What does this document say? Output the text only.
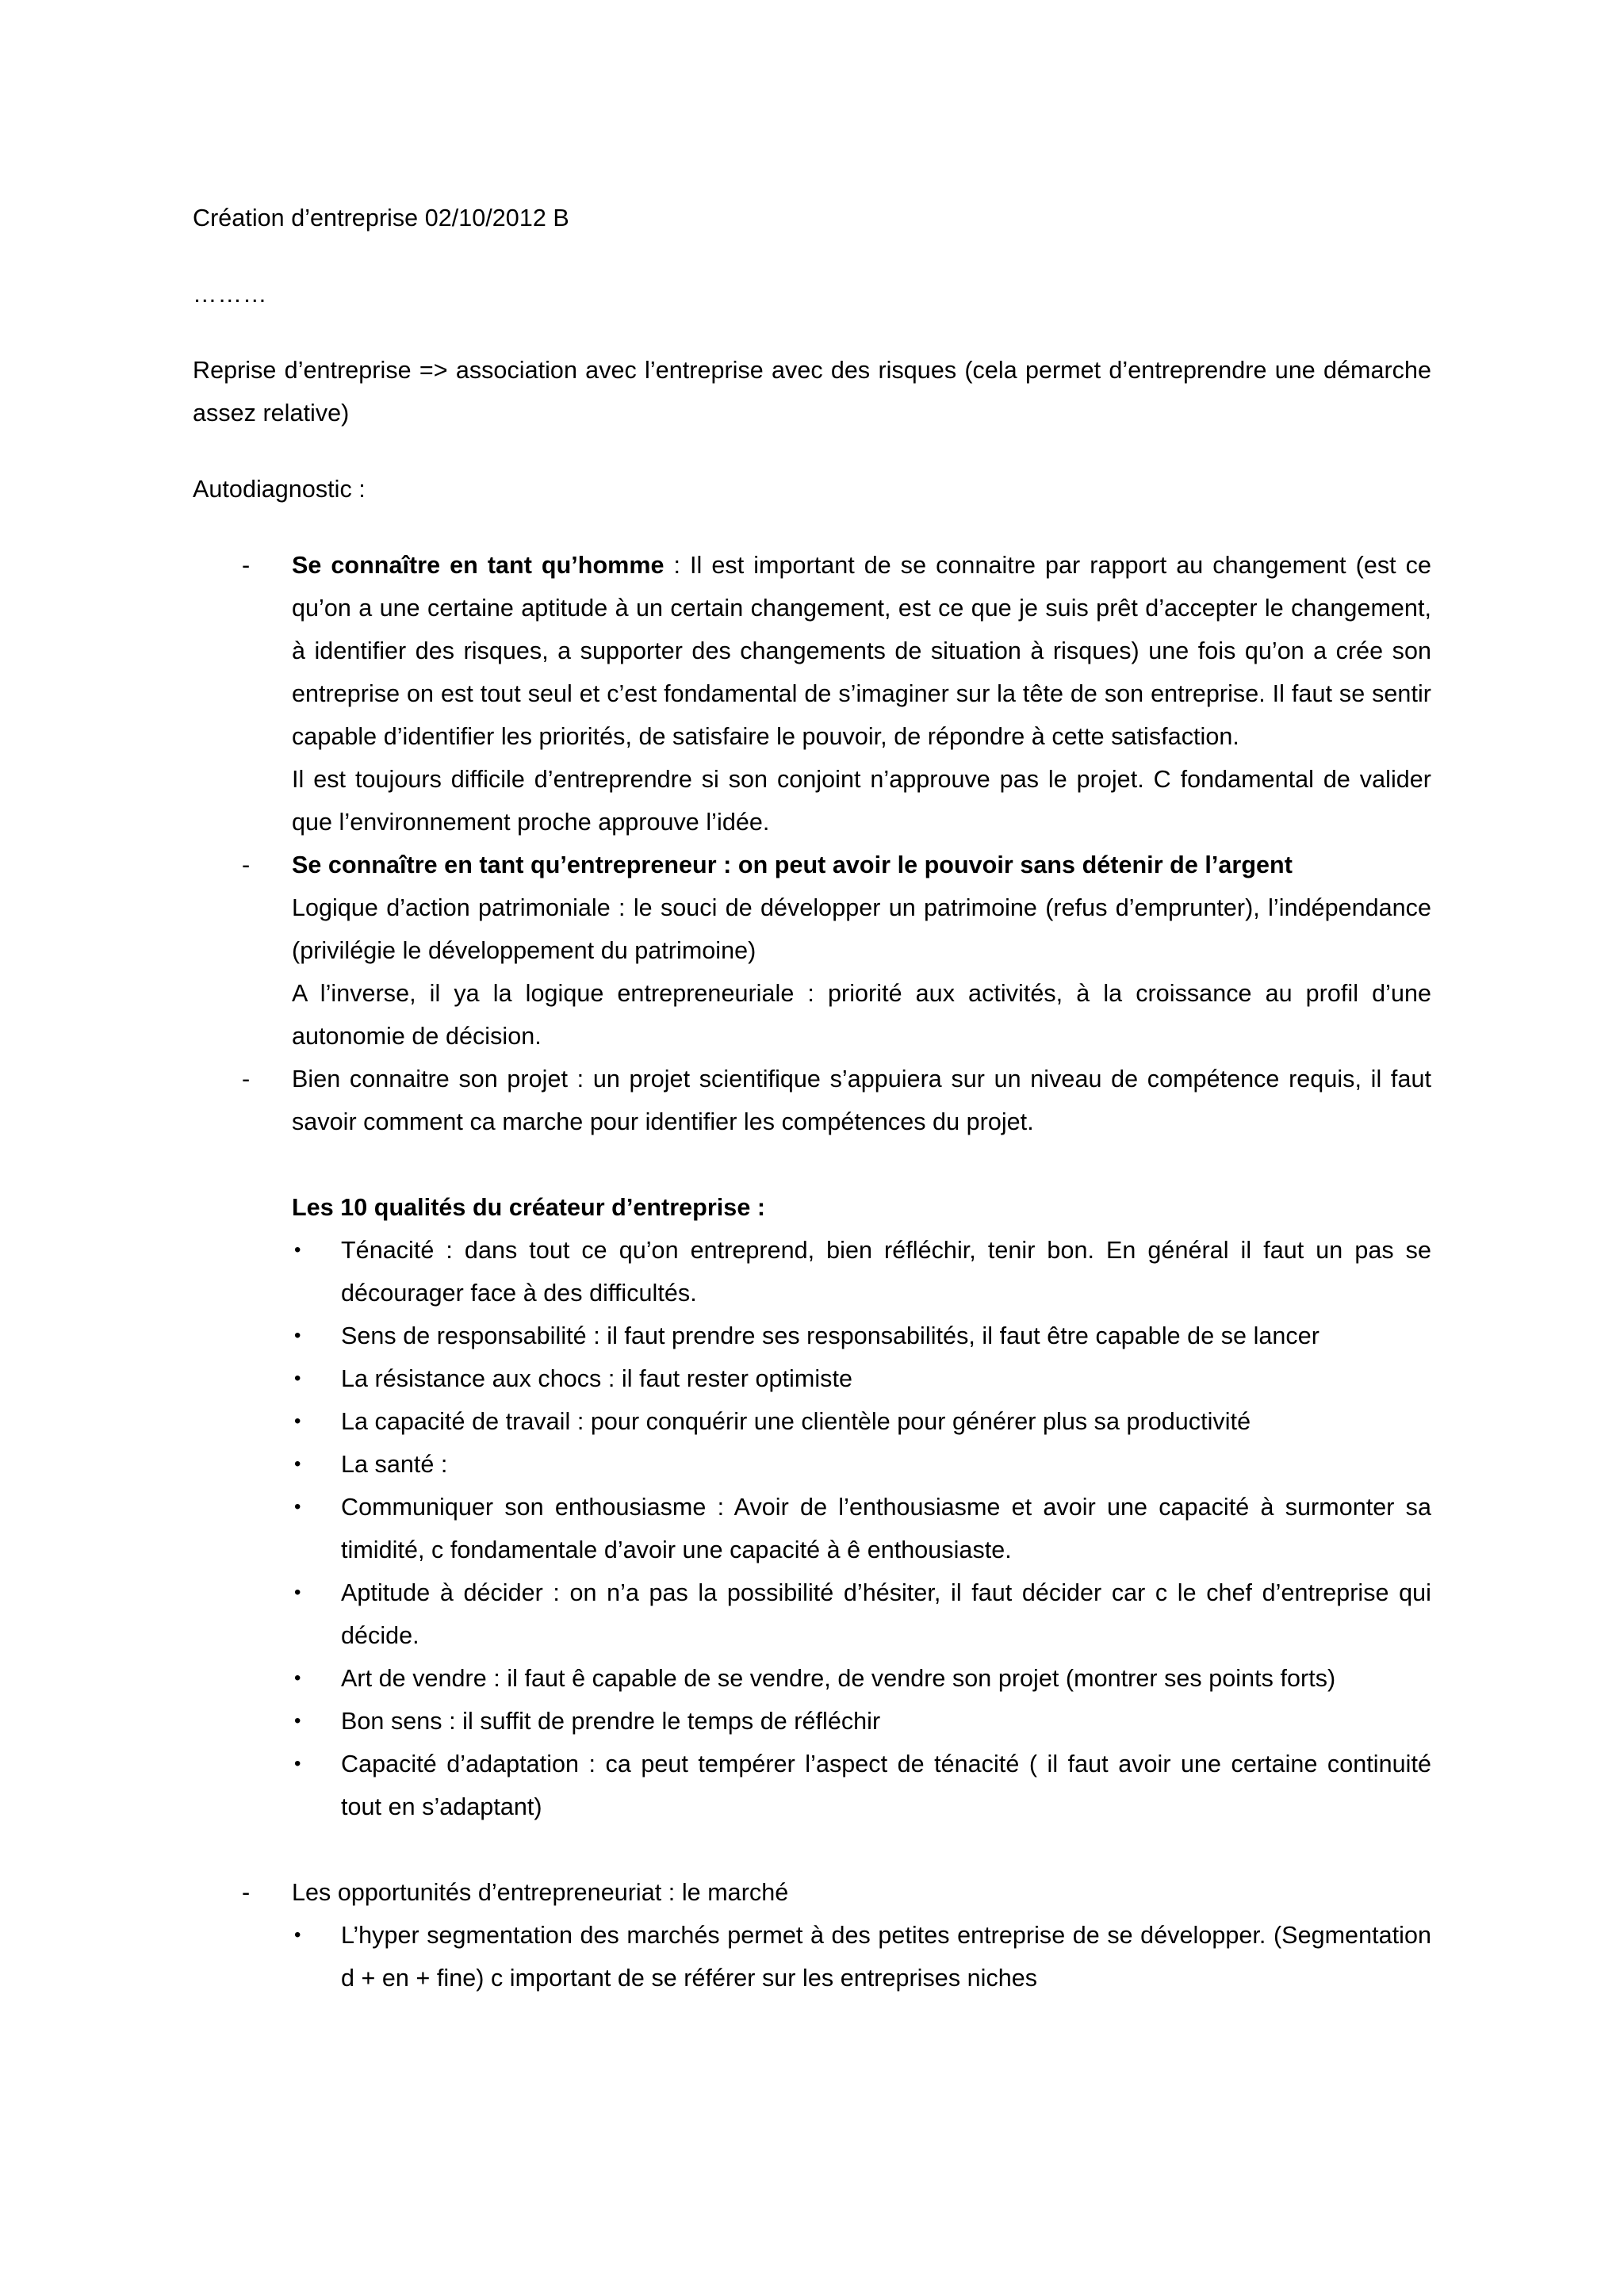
Création d’entreprise 02/10/2012 B

………

Reprise d’entreprise => association avec l’entreprise avec des risques (cela permet d’entreprendre une démarche assez relative)

Autodiagnostic :

-	Se connaître en tant qu’homme : Il est important de se connaitre par rapport au changement (est ce qu’on a une certaine aptitude à un certain changement, est ce que je suis prêt d’accepter le changement, à identifier des risques, a supporter des changements de situation à risques) une fois qu’on a crée son entreprise on est tout seul et c’est fondamental de s’imaginer sur la tête de son entreprise. Il faut se sentir capable d’identifier les priorités, de satisfaire le pouvoir, de répondre à cette satisfaction.

Il est toujours difficile d’entreprendre si son conjoint n’approuve pas le projet. C fondamental de valider que l’environnement proche approuve l’idée.

-	Se connaître en tant qu’entrepreneur : on peut avoir le pouvoir sans détenir de l’argent

Logique d’action patrimoniale : le souci de développer un patrimoine (refus d’emprunter), l’indépendance (privilégie le développement du patrimoine)

A l’inverse, il ya la logique entrepreneuriale : priorité aux activités, à la croissance au profil d’une autonomie de décision.

-	Bien connaitre son projet : un projet scientifique s’appuiera sur un niveau de compétence requis, il faut savoir comment ca marche pour identifier les compétences du projet.

Les 10 qualités du créateur d’entreprise :

•	Ténacité : dans tout ce qu’on entreprend, bien réfléchir, tenir bon. En général il faut un pas se décourager face à des difficultés.

•	Sens de responsabilité : il faut prendre ses responsabilités, il faut être capable de se lancer

•	La résistance aux chocs : il faut rester optimiste

•	La capacité de travail : pour conquérir une clientèle pour générer plus sa productivité

•	La santé :

•	Communiquer son enthousiasme : Avoir de l’enthousiasme et avoir une capacité à surmonter sa timidité, c fondamentale d’avoir une capacité à ê enthousiaste.

•	Aptitude à décider : on n’a pas la possibilité d’hésiter, il faut décider car c le chef d’entreprise qui décide.

•	Art de vendre : il faut ê capable de se vendre, de vendre son projet (montrer ses points forts)

•	Bon sens : il suffit de prendre le temps de réfléchir

•	Capacité d’adaptation : ca peut tempérer l’aspect de ténacité ( il faut avoir une certaine continuité tout en s’adaptant)

-	Les opportunités d’entrepreneuriat : le marché

•	L’hyper segmentation des marchés permet à des petites entreprise de se développer. (Segmentation d + en + fine) c important de se référer sur les entreprises niches
